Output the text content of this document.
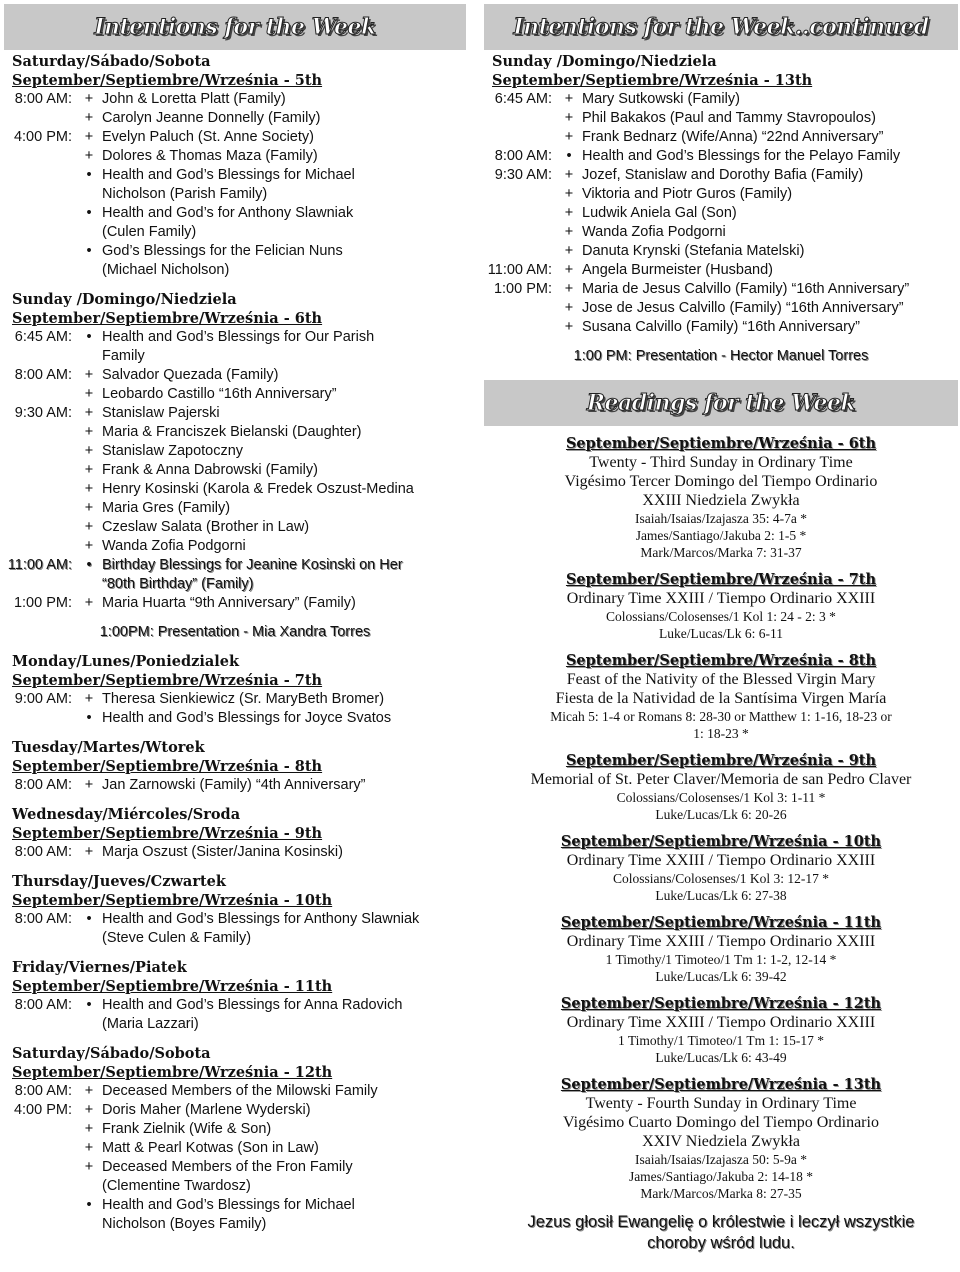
Intentions for the Week
Saturday/Sábado/Sobota
September/Septiembre/Września - 5th
8:00 AM: + John & Loretta Platt (Family)
+ Carolyn Jeanne Donnelly (Family)
4:00 PM: + Evelyn Paluch (St. Anne Society)
+ Dolores & Thomas Maza (Family)
• Health and God’s Blessings for Michael
Nicholson (Parish Family)
• Health and God’s for Anthony Slawniak
(Culen Family)
• God’s Blessings for the Felician Nuns
(Michael Nicholson)
Sunday /Domingo/Niedziela
September/Septiembre/Września - 6th
6:45 AM: • Health and God’s Blessings for Our Parish
Family
8:00 AM: + Salvador Quezada (Family)
+ Leobardo Castillo “16th Anniversary”
9:30 AM: + Stanislaw Pajerski
+ Maria & Franciszek Bielanski (Daughter)
+ Stanislaw Zapotoczny
+ Frank & Anna Dabrowski (Family)
+ Henry Kosinski (Karola & Fredek Oszust-Medina
+ Maria Gres (Family)
+ Czeslaw Salata (Brother in Law)
+ Wanda Zofia Podgorni
11:00 AM: • Birthday Blessings for Jeanine Kosinski on Her
“80th Birthday” (Family)
1:00 PM: + Maria Huarta “9th Anniversary” (Family)
1:00PM: Presentation - Mia Xandra Torres
Monday/Lunes/Poniedzialek
September/Septiembre/Września - 7th
9:00 AM: + Theresa Sienkiewicz (Sr. MaryBeth Bromer)
• Health and God’s Blessings for Joyce Svatos
Tuesday/Martes/Wtorek
September/Septiembre/Września - 8th
8:00 AM: + Jan Zarnowski (Family) “4th Anniversary”
Wednesday/Miércoles/Sroda
September/Septiembre/Września - 9th
8:00 AM: + Marja Oszust (Sister/Janina Kosinski)
Thursday/Jueves/Czwartek
September/Septiembre/Września - 10th
8:00 AM: • Health and God’s Blessings for Anthony Slawniak
(Steve Culen & Family)
Friday/Viernes/Piatek
September/Septiembre/Września - 11th
8:00 AM: • Health and God’s Blessings for Anna Radovich
(Maria Lazzari)
Saturday/Sábado/Sobota
September/Septiembre/Września - 12th
8:00 AM: + Deceased Members of the Milowski Family
4:00 PM: + Doris Maher (Marlene Wyderski)
+ Frank Zielnik (Wife & Son)
+ Matt & Pearl Kotwas (Son in Law)
+ Deceased Members of the Fron Family
(Clementine Twardosz)
• Health and God’s Blessings for Michael
Nicholson (Boyes Family)
Intentions for the Week..continued
Sunday /Domingo/Niedziela
September/Septiembre/Września - 13th
6:45 AM: + Mary Sutkowski (Family)
+ Phil Bakakos (Paul and Tammy Stavropoulos)
+ Frank Bednarz (Wife/Anna) “22nd Anniversary”
8:00 AM: • Health and God’s Blessings for the Pelayo Family
9:30 AM: + Jozef, Stanislaw and Dorothy Bafia (Family)
+ Viktoria and Piotr Guros (Family)
+ Ludwik Aniela Gal (Son)
+ Wanda Zofia Podgorni
+ Danuta Krynski (Stefania Matelski)
11:00 AM: + Angela Burmeister (Husband)
1:00 PM: + Maria de Jesus Calvillo (Family) “16th Anniversary”
+ Jose de Jesus Calvillo (Family) “16th Anniversary”
+ Susana Calvillo (Family) “16th Anniversary”
1:00 PM: Presentation - Hector Manuel Torres
Readings for the Week
September/Septiembre/Września - 6th
Twenty - Third Sunday in Ordinary Time
Vigésimo Tercer Domingo del Tiempo Ordinario
XXIII Niedziela Zwykła
Isaiah/Isaias/Izajasza 35: 4-7a *
James/Santiago/Jakuba 2: 1-5 *
Mark/Marcos/Marka 7: 31-37
September/Septiembre/Września - 7th
Ordinary Time XXIII / Tiempo Ordinario XXIII
Colossians/Colosenses/1 Kol 1: 24 - 2: 3 *
Luke/Lucas/Lk 6: 6-11
September/Septiembre/Września - 8th
Feast of the Nativity of the Blessed Virgin Mary
Fiesta de la Natividad de la Santísima Virgen María
Micah 5: 1-4 or Romans 8: 28-30 or Matthew 1: 1-16, 18-23 or
1: 18-23 *
September/Septiembre/Września - 9th
Memorial of St. Peter Claver/Memoria de san Pedro Claver
Colossians/Colosenses/1 Kol 3: 1-11 *
Luke/Lucas/Lk 6: 20-26
September/Septiembre/Września - 10th
Ordinary Time XXIII / Tiempo Ordinario XXIII
Colossians/Colosenses/1 Kol 3: 12-17 *
Luke/Lucas/Lk 6: 27-38
September/Septiembre/Września - 11th
Ordinary Time XXIII / Tiempo Ordinario XXIII
1 Timothy/1 Timoteo/1 Tm 1: 1-2, 12-14 *
Luke/Lucas/Lk 6: 39-42
September/Septiembre/Września - 12th
Ordinary Time XXIII / Tiempo Ordinario XXIII
1 Timothy/1 Timoteo/1 Tm 1: 15-17 *
Luke/Lucas/Lk 6: 43-49
September/Septiembre/Września - 13th
Twenty - Fourth Sunday in Ordinary Time
Vigésimo Cuarto Domingo del Tiempo Ordinario
XXIV Niedziela Zwykła
Isaiah/Isaias/Izajasza 50: 5-9a *
James/Santiago/Jakuba 2: 14-18 *
Mark/Marcos/Marka 8: 27-35
Jezus głosił Ewangelię o królestwie i leczył wszystkie
choroby wśród ludu.
